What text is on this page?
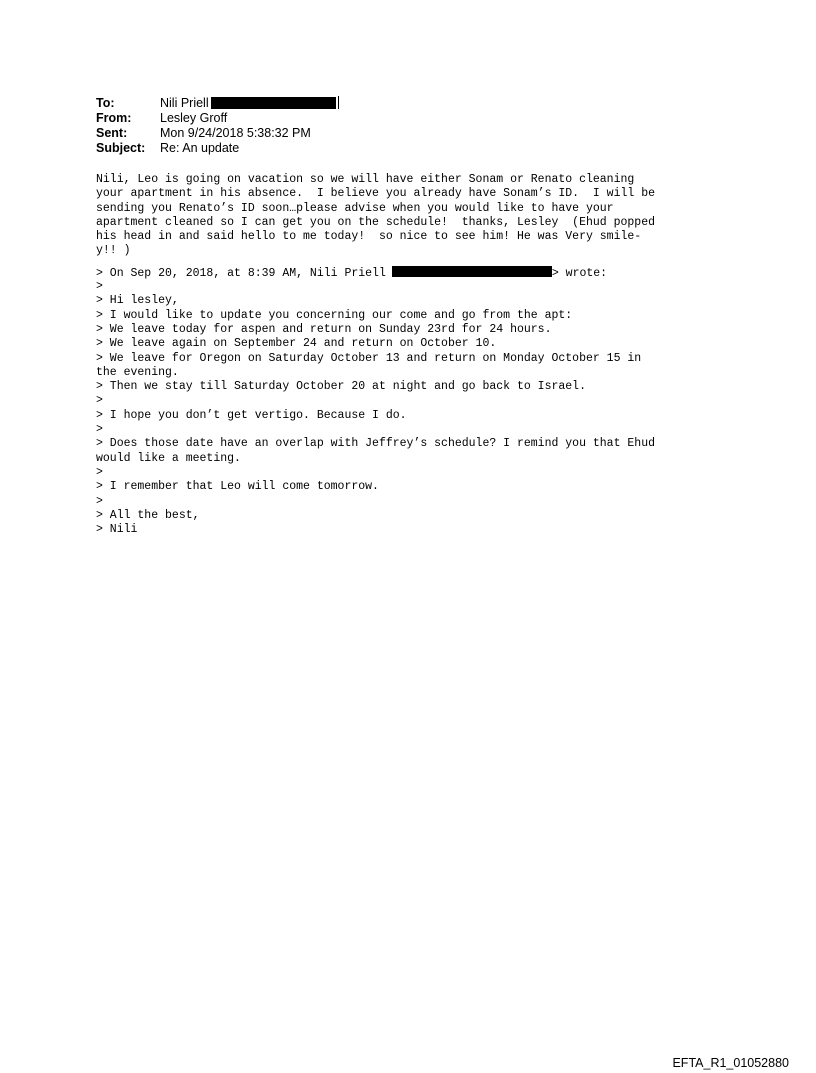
To:	Nili Priell
From:	Lesley Groff
Sent:	Mon 9/24/2018 5:38:32 PM
Subject:	Re: An update
Nili, Leo is going on vacation so we will have either Sonam or Renato cleaning
your apartment in his absence.  I believe you already have Sonam’s ID.  I will be
sending you Renato’s ID soon…please advise when you would like to have your
apartment cleaned so I can get you on the schedule!  thanks, Lesley  (Ehud popped
his head in and said hello to me today!  so nice to see him! He was Very smile-
y!! )
> On Sep 20, 2018, at 8:39 AM, Nili Priell	> wrote:
>
> Hi lesley,
> I would like to update you concerning our come and go from the apt:
> We leave today for aspen and return on Sunday 23rd for 24 hours.
> We leave again on September 24 and return on October 10.
> We leave for Oregon on Saturday October 13 and return on Monday October 15 in
the evening.
> Then we stay till Saturday October 20 at night and go back to Israel.
>
> I hope you don’t get vertigo. Because I do.
>
> Does those date have an overlap with Jeffrey’s schedule? I remind you that Ehud
would like a meeting.
>
> I remember that Leo will come tomorrow.
>
> All the best,
> Nili
EFTA_R1_01052880
